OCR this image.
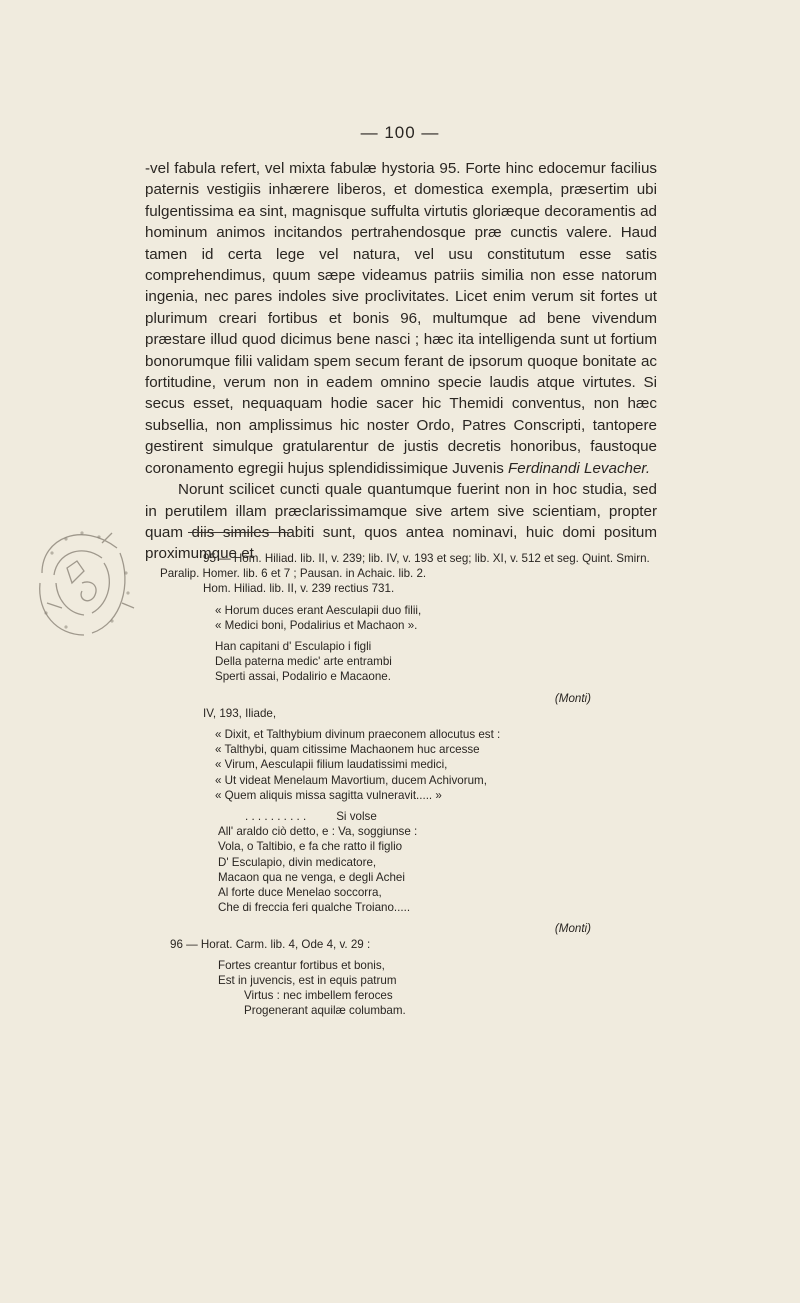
— 100 —

-vel fabula refert, vel mixta fabulæ hystoria 95. Forte hinc edocemur facilius paternis vestigiis inhærere liberos, et domestica exempla, præsertim ubi fulgentissima ea sint, magnisque suffulta virtutis gloriæque decoramentis ad hominum animos incitandos pertrahendosque præ cunctis valere. Haud tamen id certa lege vel natura, vel usu constitutum esse satis comprehendimus, quum sæpe videamus patriis similia non esse natorum ingenia, nec pares indoles sive proclivitates. Licet enim verum sit fortes ut plurimum creari fortibus et bonis 96, multumque ad bene vivendum præstare illud quod dicimus bene nasci ; hæc ita intelligenda sunt ut fortium bonorumque filii validam spem secum ferant de ipsorum quoque bonitate ac fortitudine, verum non in eadem omnino specie laudis atque virtutes. Si secus esset, nequaquam hodie sacer hic Themidi conventus, non hæc subsellia, non amplissimus hic noster Ordo, Patres Conscripti, tantopere gestirent simulque gratularentur de justis decretis honoribus, faustoque coronamento egregii hujus splendidissimique Juvenis Ferdinandi Levacher.

Norunt scilicet cuncti quale quantumque fuerint non in hoc studia, sed in perutilem illam præclarissimamque sive artem sive scientiam, propter quam diis similes habiti sunt, quos antea nominavi, huic domi positum proximumque et

95 — Hom. Hiliad. lib. II, v. 239; lib. IV, v. 193 et seg; lib. XI, v. 512 et seg. Quint. Smirn.
Paralip. Homer. lib. 6 et 7 ; Pausan. in Achaic. lib. 2.
Hom. Hiliad. lib. II, v. 239 rectius 731.
« Horum duces erant Aesculapii duo filii,
« Medici boni, Podalirius et Machaon ».
Han capitani d' Esculapio i figli
Della paterna medic' arte entrambi
Sperti assai, Podalirio e Macaone.
(Monti)
IV, 193, Iliade,
« Dixit, et Talthybium divinum praeconem allocutus est :
« Talthybi, quam citissime Machaonem huc arcesse
« Virum, Aesculapii filium laudatissimi medici,
« Ut videat Menelaum Mavortium, ducem Achivorum,
« Quem aliquis missa sagitta vulneravit..... »
. . . . . . . . . .	Si volse
All' araldo ciò detto, e : Va, soggiunse :
Vola, o Taltibio, e fa che ratto il figlio
D' Esculapio, divin medicatore,
Macaon qua ne venga, e degli Achei
Al forte duce Menelao soccorra,
Che di freccia feri qualche Troiano.....
(Monti)
96 — Horat. Carm. lib. 4, Ode 4, v. 29 :
Fortes creantur fortibus et bonis,
Est in juvencis, est in equis patrum
Virtus : nec imbellem feroces
Progenerant aquilæ columbam.
